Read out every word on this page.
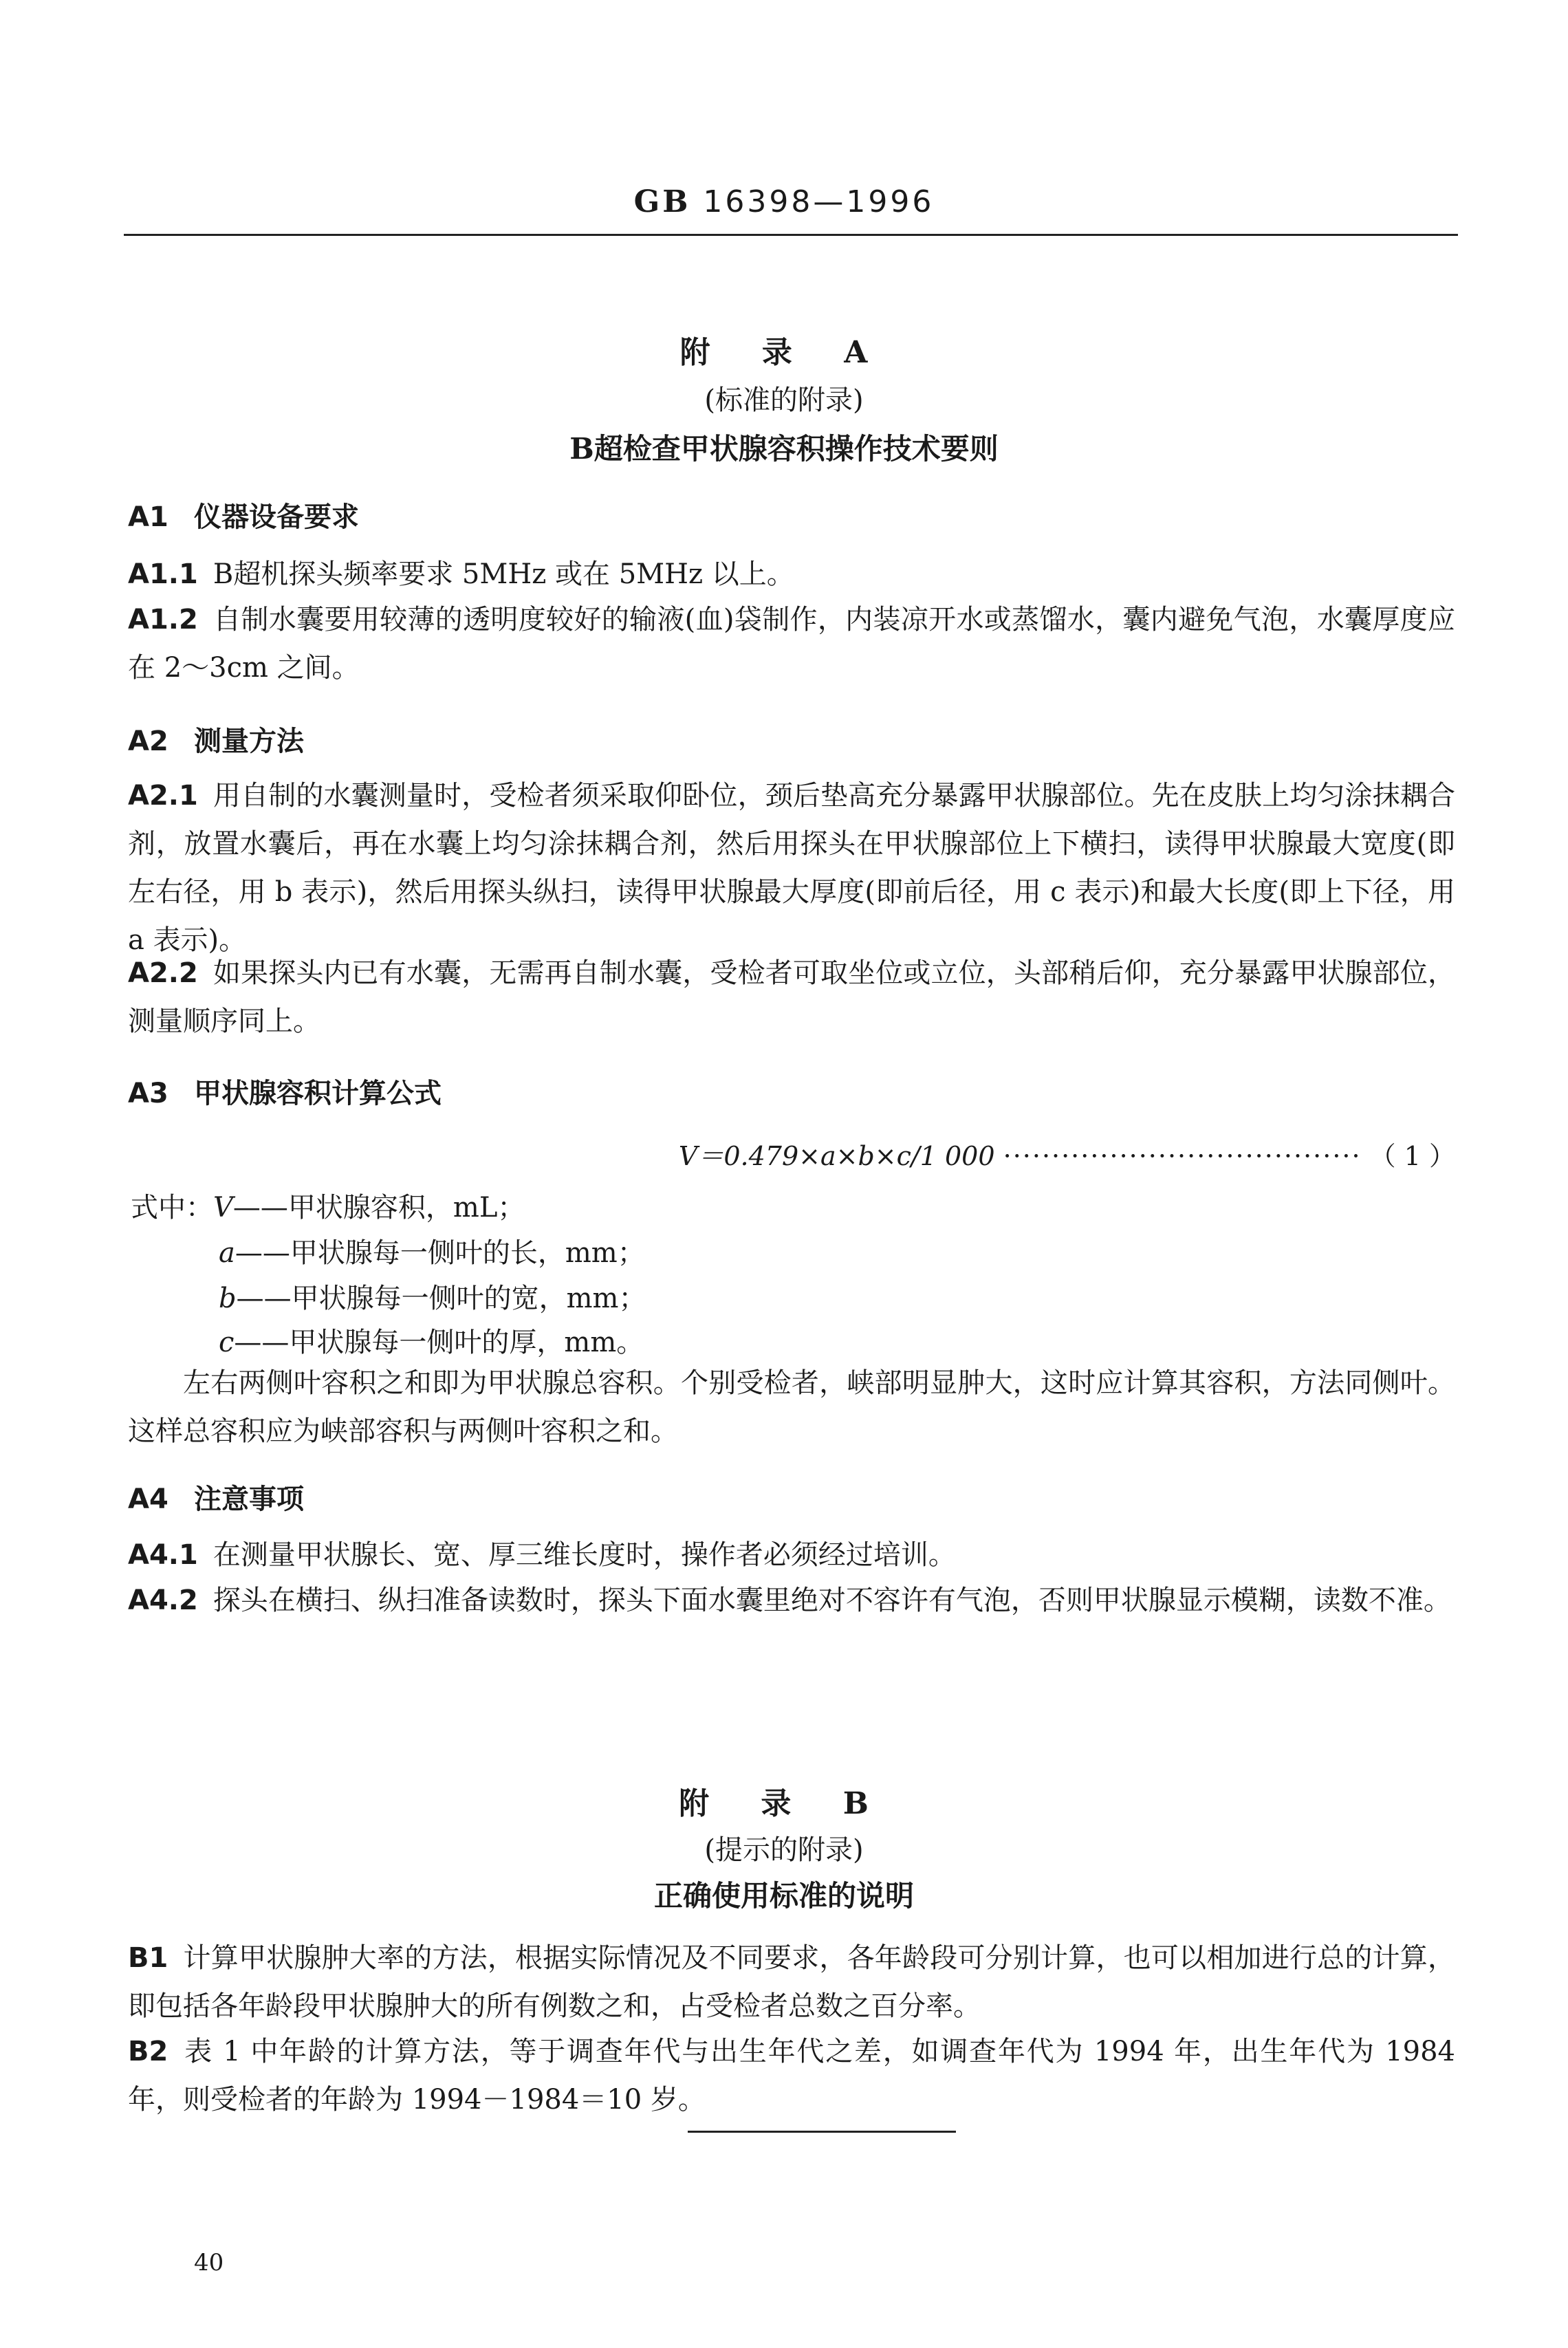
GB 16398—1996
附 录 A
(标准的附录)
B超检查甲状腺容积操作技术要则
A1 仪器设备要求
A1.1 B超机探头频率要求 5MHz 或在 5MHz 以上。
A1.2 自制水囊要用较薄的透明度较好的输液(血)袋制作，内装凉开水或蒸馏水，囊内避免气泡，水囊厚度应在 2～3cm 之间。
A2 测量方法
A2.1 用自制的水囊测量时，受检者须采取仰卧位，颈后垫高充分暴露甲状腺部位。先在皮肤上均匀涂抹耦合剂，放置水囊后，再在水囊上均匀涂抹耦合剂，然后用探头在甲状腺部位上下横扫，读得甲状腺最大宽度(即左右径，用 b 表示)，然后用探头纵扫，读得甲状腺最大厚度(即前后径，用 c 表示)和最大长度(即上下径，用 a 表示)。
A2.2 如果探头内已有水囊，无需再自制水囊，受检者可取坐位或立位，头部稍后仰，充分暴露甲状腺部位，测量顺序同上。
A3 甲状腺容积计算公式
V＝0.479×a×b×c/1 000 ····································· （ 1 ）
式中：V——甲状腺容积，mL；
a——甲状腺每一侧叶的长，mm；
b——甲状腺每一侧叶的宽，mm；
c——甲状腺每一侧叶的厚，mm。
左右两侧叶容积之和即为甲状腺总容积。个别受检者，峡部明显肿大，这时应计算其容积，方法同侧叶。这样总容积应为峡部容积与两侧叶容积之和。
A4 注意事项
A4.1 在测量甲状腺长、宽、厚三维长度时，操作者必须经过培训。
A4.2 探头在横扫、纵扫准备读数时，探头下面水囊里绝对不容许有气泡，否则甲状腺显示模糊，读数不准。
附 录 B
(提示的附录)
正确使用标准的说明
B1 计算甲状腺肿大率的方法，根据实际情况及不同要求，各年龄段可分别计算，也可以相加进行总的计算，即包括各年龄段甲状腺肿大的所有例数之和，占受检者总数之百分率。
B2 表 1 中年龄的计算方法，等于调查年代与出生年代之差，如调查年代为 1994 年，出生年代为 1984 年，则受检者的年龄为 1994－1984＝10 岁。
40
